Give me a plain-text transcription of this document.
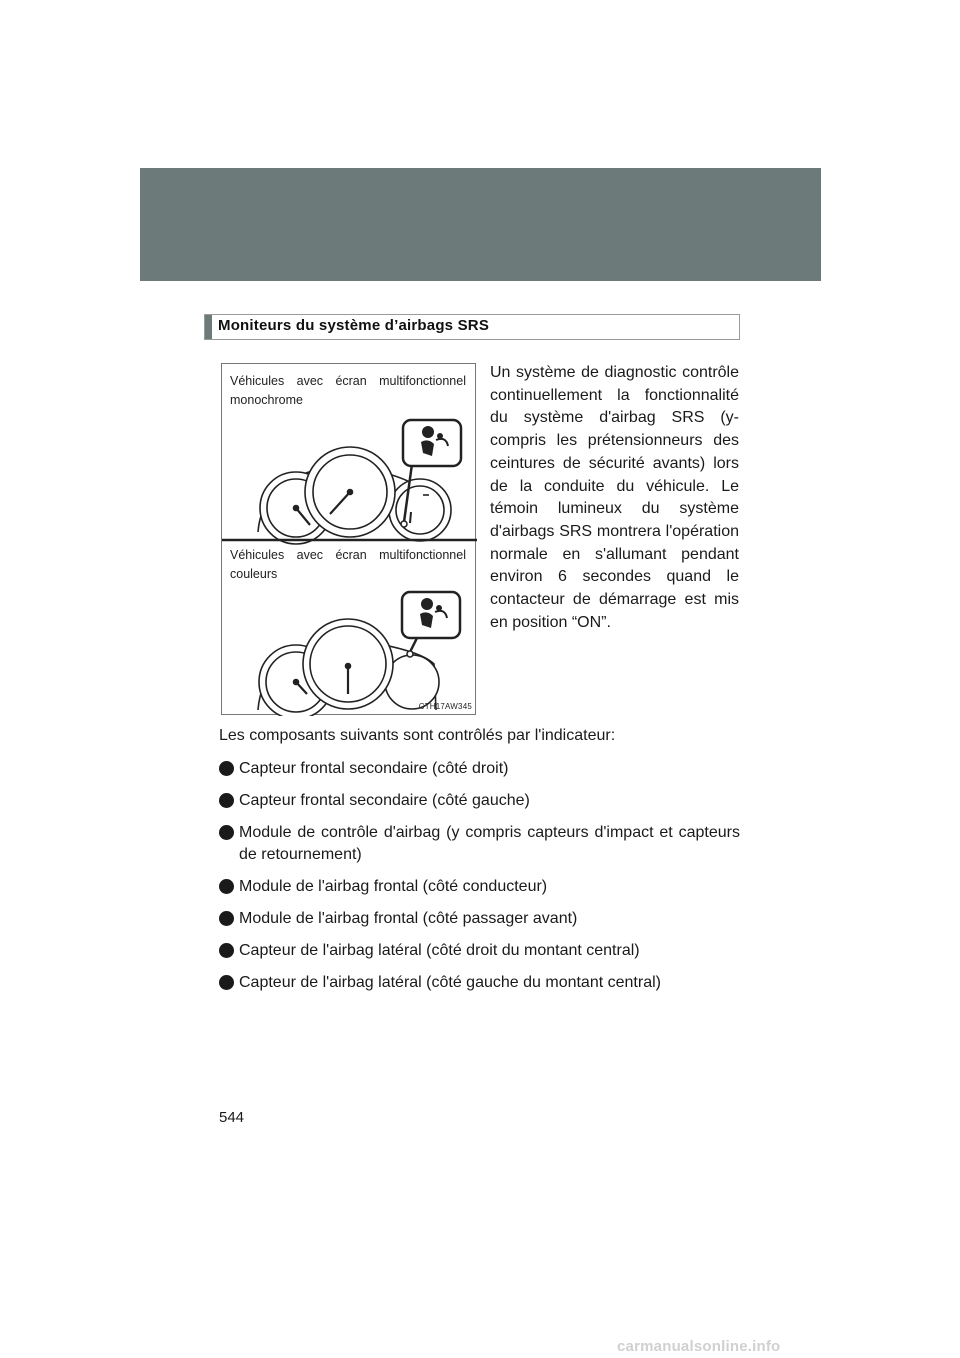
Moniteurs du système d’airbags SRS
Véhicules avec écran multifonctionnel monochrome
Véhicules avec écran multifonctionnel couleurs
CTH17AW345
Un système de diagnostic contrôle continuellement la fonctionnalité du système d'airbag SRS (y-compris les prétensionneurs des ceintures de sécurité avants) lors de la conduite du véhicule. Le témoin lumineux du système d'airbags SRS montrera l'opération normale en s'allumant pendant environ 6 secondes quand le contacteur de démarrage est mis en position “ON”.
Les composants suivants sont contrôlés par l'indicateur:
Capteur frontal secondaire (côté droit)
Capteur frontal secondaire (côté gauche)
Module de contrôle d'airbag (y compris capteurs d'impact et capteurs de retournement)
Module de l'airbag frontal (côté conducteur)
Module de l'airbag frontal (côté passager avant)
Capteur de l'airbag latéral (côté droit du montant central)
Capteur de l'airbag latéral (côté gauche du montant central)
544
carmanualsonline.info
